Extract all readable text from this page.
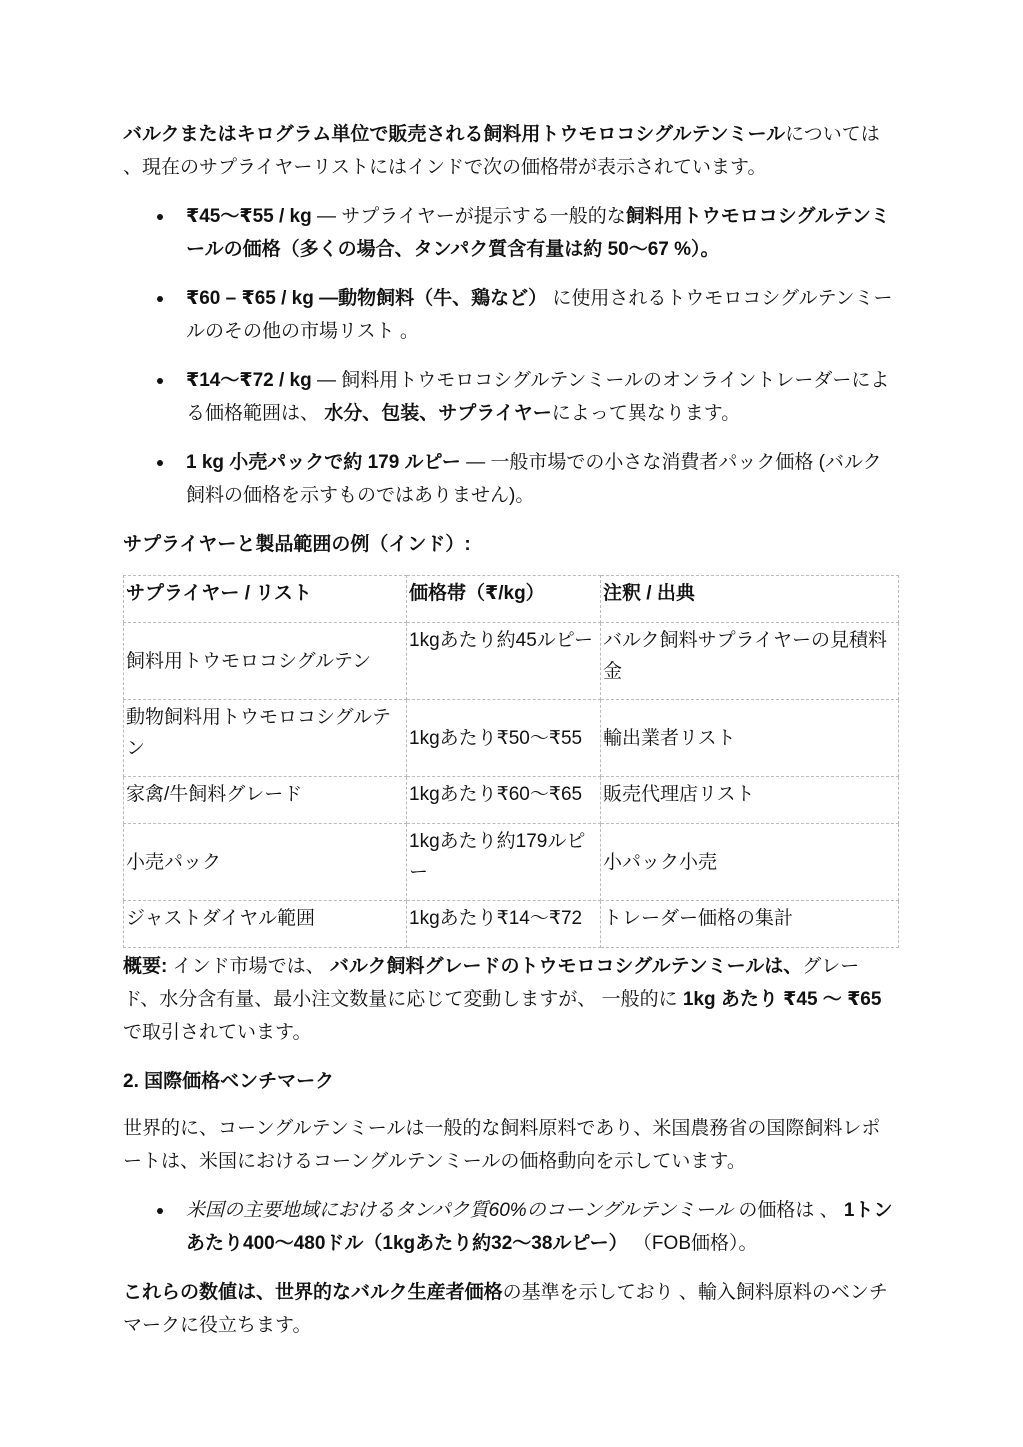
バルクまたはキログラム単位で販売される飼料用トウモロコシグルテンミールについては 、現在のサプライヤーリストにはインドで次の価格帯が表示されています。

₹45〜₹55 / kg — サプライヤーが提示する一般的な飼料用トウモロコシグルテンミールの価格（多くの場合、タンパク質含有量は約 50〜67 %）。
₹60 – ₹65 / kg —動物飼料（牛、鶏など） に使用されるトウモロコシグルテンミールのその他の市場リスト 。
₹14〜₹72 / kg — 飼料用トウモロコシグルテンミールのオンライントレーダーによる価格範囲は、 水分、包装、サプライヤーによって異なります。
1 kg 小売パックで約 179 ルピー — 一般市場での小さな消費者パック価格 (バルク飼料の価格を示すものではありません)。
サプライヤーと製品範囲の例（インド）:
サプライヤー / リスト	価格帯（₹/kg）	注釈 / 出典
飼料用トウモロコシグルテン	1kgあたり約45ルピー	バルク飼料サプライヤーの見積料金
動物飼料用トウモロコシグルテン	1kgあたり₹50〜₹55	輸出業者リスト
家禽/牛飼料グレード	1kgあたり₹60〜₹65	販売代理店リスト
小売パック	1kgあたり約179ルピー	小パック小売
ジャストダイヤル範囲	1kgあたり₹14〜₹72	トレーダー価格の集計

概要: インド市場では、 バルク飼料グレードのトウモロコシグルテンミールは、グレード、水分含有量、最小注文数量に応じて変動しますが、 一般的に 1kg あたり ₹45 〜 ₹65で取引されています。

2. 国際価格ベンチマーク

世界的に、コーングルテンミールは一般的な飼料原料であり、米国農務省の国際飼料レポートは、米国におけるコーングルテンミールの価格動向を示しています。

米国の主要地域におけるタンパク質60%のコーングルテンミール の価格は 、 1トンあたり400〜480ドル（1kgあたり約32〜38ルピー） （FOB価格）。

これらの数値は、世界的なバルク生産者価格の基準を示しており 、輸入飼料原料のベンチマークに役立ちます。
